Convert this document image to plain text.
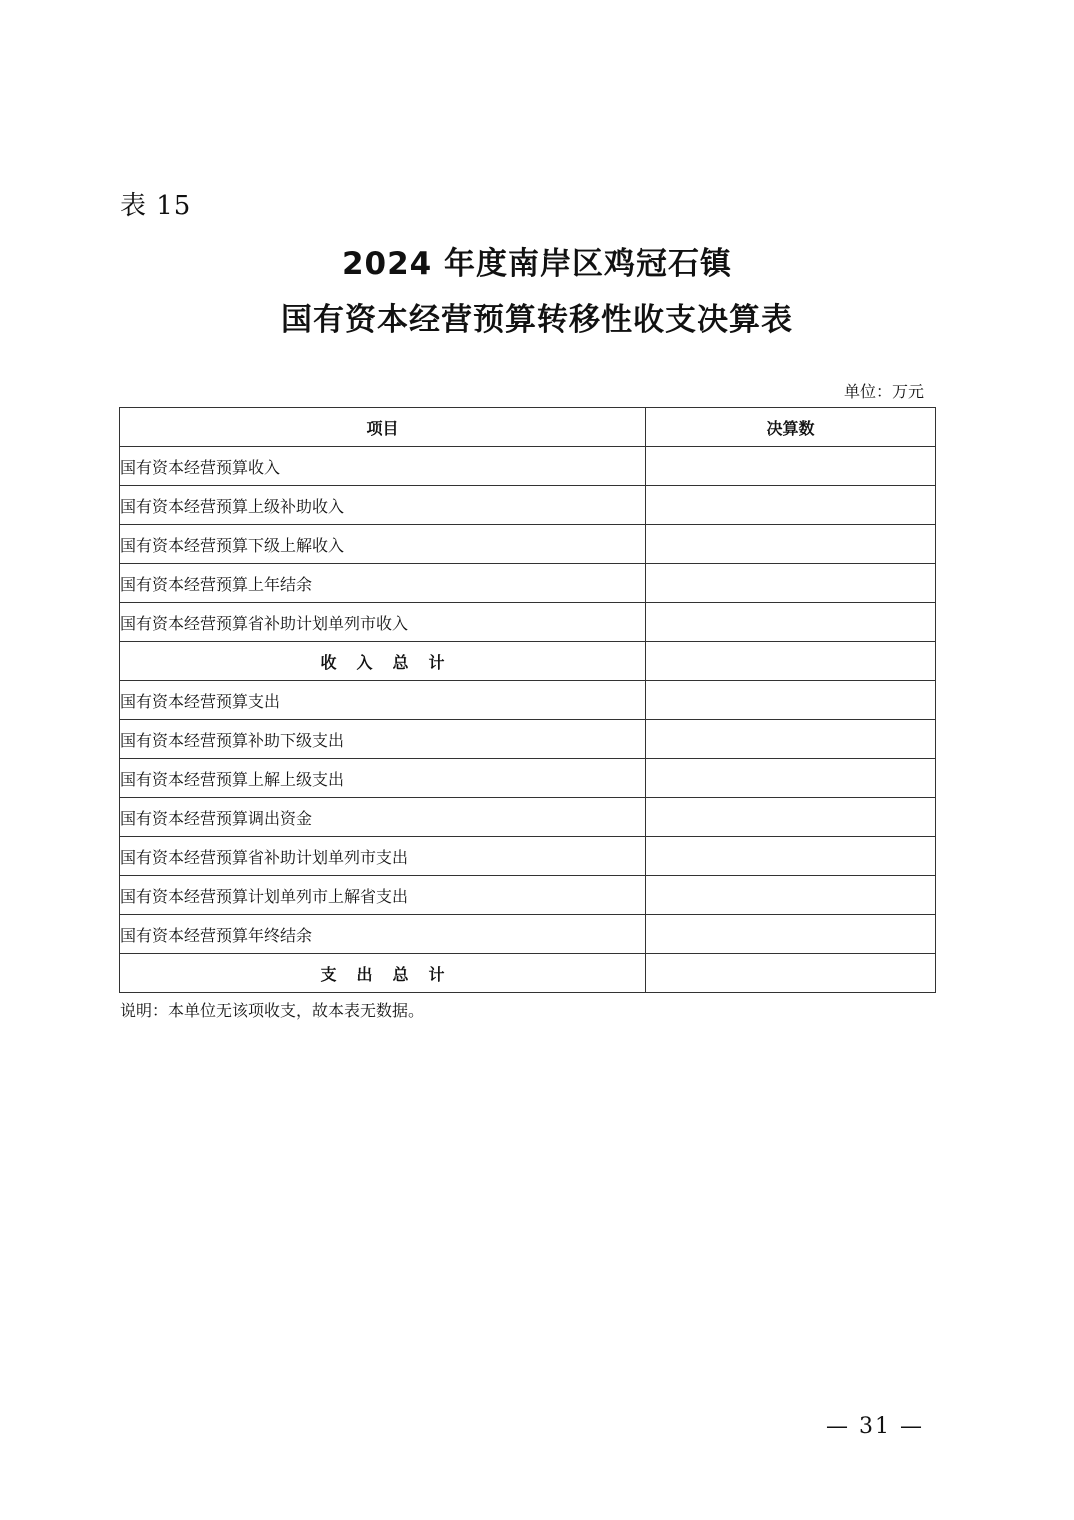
表 15
2024 年度南岸区鸡冠石镇
国有资本经营预算转移性收支决算表
单位：万元
项目	决算数
国有资本经营预算收入	
国有资本经营预算上级补助收入	
国有资本经营预算下级上解收入	
国有资本经营预算上年结余	
国有资本经营预算省补助计划单列市收入	
收入总计	
国有资本经营预算支出	
国有资本经营预算补助下级支出	
国有资本经营预算上解上级支出	
国有资本经营预算调出资金	
国有资本经营预算省补助计划单列市支出	
国有资本经营预算计划单列市上解省支出	
国有资本经营预算年终结余	
支出总计	
说明：本单位无该项收支，故本表无数据。
— 31 —
